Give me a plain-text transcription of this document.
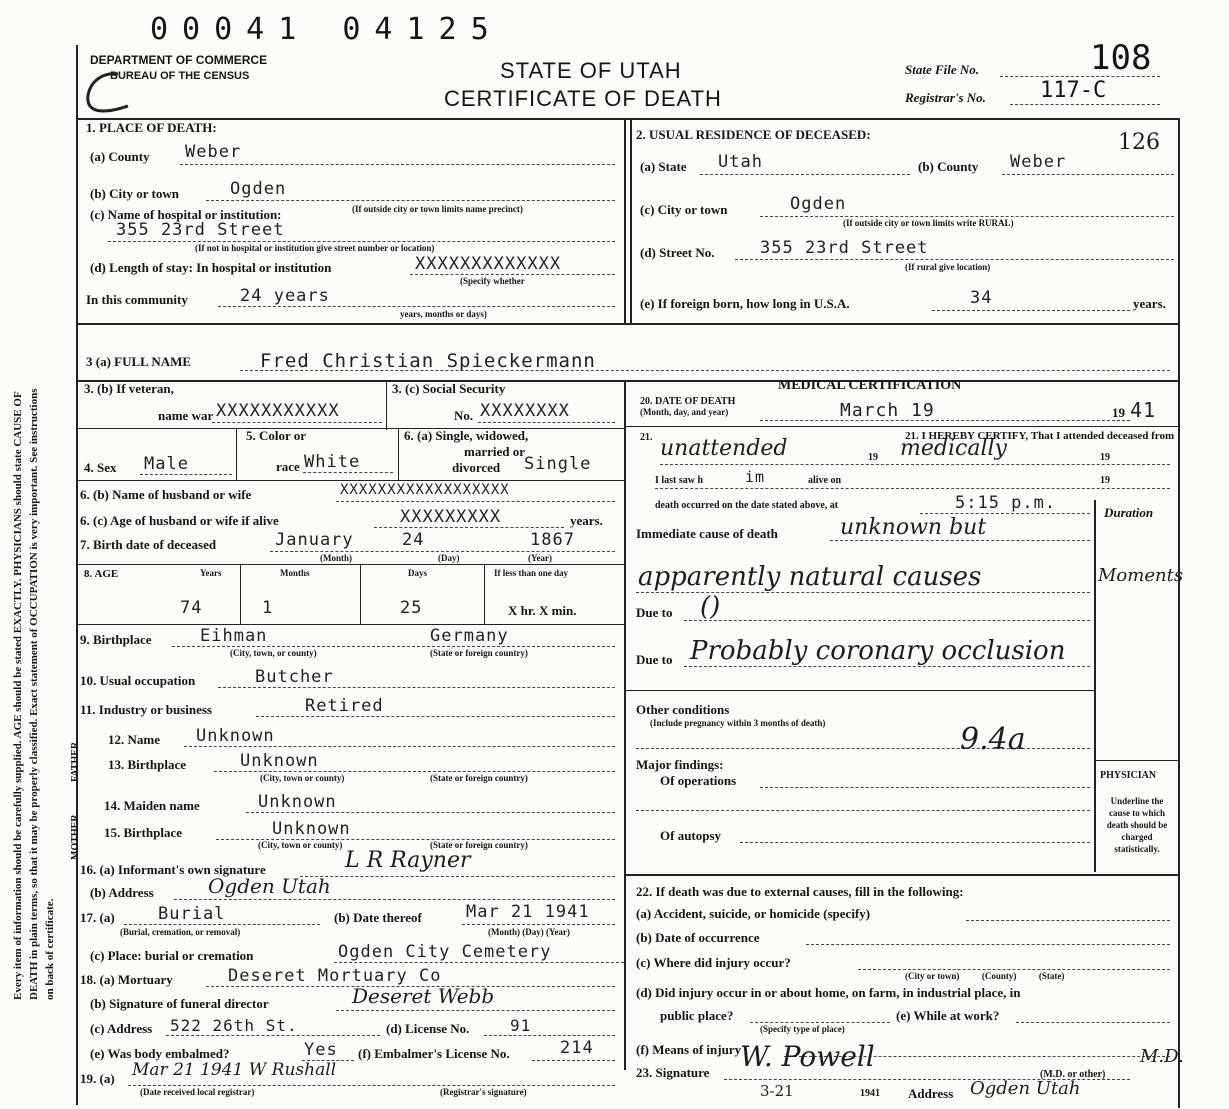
00041 04125
Every item of information should be carefully supplied. AGE should be stated EXACTLY. PHYSICIANS should state CAUSE OF DEATH in plain terms, so that it may be properly classified. Exact statement of OCCUPATION is very important. See instructions on back of certificate.
DEPARTMENT OF COMMERCE
BUREAU OF THE CENSUS	STATE OF UTAH
CERTIFICATE OF DEATH
State File No.	108
Registrar's No. 117-C
1. PLACE OF DEATH:
(a) County Weber
(b) City or town	Ogden
(c) Name of hospital or institution:	(If outside city or town limits name precinct)
355 23rd Street
(If not in hospital or institution give street number or location)
(d) Length of stay: In hospital or institution	XXXXXXXXXXXXX
(Specify whether
In this community	24 years
years, months or days)
2. USUAL RESIDENCE OF DECEASED:	126
(a) State Utah	(b) County Weber
(c) City or town	Ogden
(If outside city or town limits write RURAL)
(d) Street No.	355 23rd Street
(If rural give location)
(e) If foreign born, how long in U.S.A.	34	years.
3 (a) FULL NAME	Fred Christian Spieckermann
3. (b) If veteran,
name war XXXXXXXXXXX
3. (c) Social Security
No. XXXXXXXX
5. Color or
race White
6. (a) Single, widowed,
married or
divorced Single
4. Sex Male
6. (b) Name of husband or wife	XXXXXXXXXXXXXXXXXX
6. (c) Age of husband or wife if alive	XXXXXXXXX	years.
7. Birth date of deceased	January	24	1867
(Month)	(Day)	(Year)
8. AGE	Years	Months	Days	If less than one day
74	1	25	X hr. X min.
9. Birthplace	Eihman	Germany
(City, town, or county)	(State or foreign country)
10. Usual occupation	Butcher
11. Industry or business	Retired
FATHER
12. Name Unknown
13. Birthplace	Unknown
(City, town or county)	(State or foreign country)
MOTHER
14. Maiden name	Unknown
15. Birthplace	Unknown
(City, town or county)	(State or foreign country)
16. (a) Informant's own signature	L R Rayner
(b) Address	Ogden Utah
17. (a)	Burial
(Burial, cremation, or removal)
(b) Date thereof	Mar 21 1941
(Month) (Day) (Year)
(c) Place: burial or cremation	Ogden City Cemetery
18. (a) Mortuary	Deseret Mortuary Co
(b) Signature of funeral director	Deseret Webb
(c) Address 522 26th St.	(d) License No.	91
(e) Was body embalmed?	Yes (f) Embalmer's License No.	214
19. (a) Mar 21 1941 W Rushall
(Date received local registrar)	(Registrar's signature)
MEDICAL CERTIFICATION
20. DATE OF DEATH
(Month, day, and year)	March 19	19 41
21.	21. I HEREBY CERTIFY, That I attended deceased from
unattended	19 medically	19
I last saw h	im	alive on	19
death occurred on the date stated above, at	5:15 p.m.	Duration
Immediate cause of death	unknown but
apparently natural causes	Moments
Due to ()
Due to Probably coronary occlusion
Other conditions
(Include pregnancy within 3 months of death)	9.4a
Major findings:
Of operations
Of autopsy
PHYSICIAN
Underline the cause to which death should be charged statistically.
22. If death was due to external causes, fill in the following:
(a) Accident, suicide, or homicide (specify)
(b) Date of occurrence
(c) Where did injury occur?
(City or town)          (County)          (State)
(d) Did injury occur in or about home, on farm, in industrial place, in
public place?
(Specify type of place)
(e) While at work?
(f) Means of injury
23. Signature W. Powell
(M.D. or other)
M.D.
3-21	1941 Address Ogden Utah
